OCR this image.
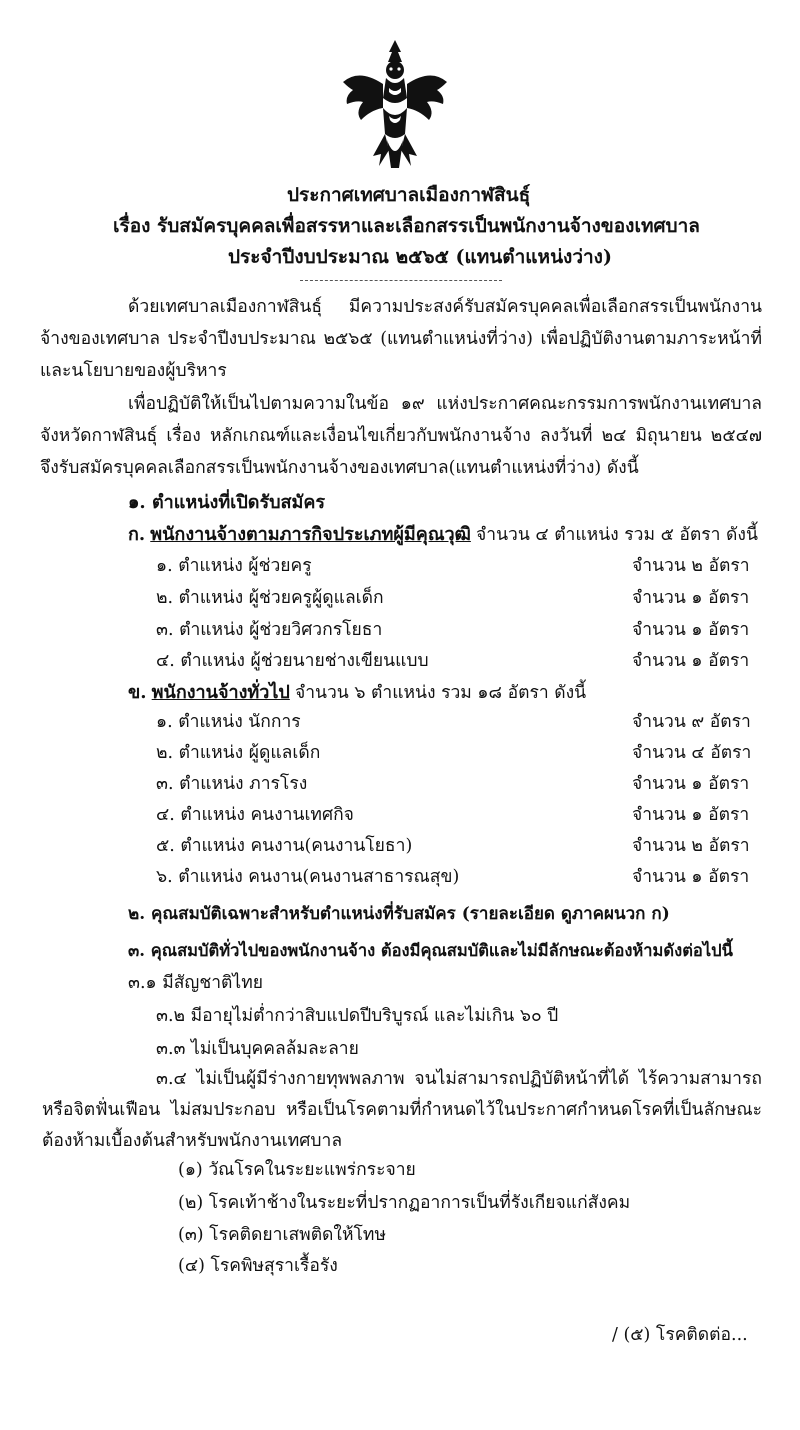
ประกาศเทศบาลเมืองกาฬสินธุ์
เรื่อง รับสมัครบุคคลเพื่อสรรหาและเลือกสรรเป็นพนักงานจ้างของเทศบาล
ประจำปีงบประมาณ ๒๕๖๕ (แทนตำแหน่งว่าง)
ด้วยเทศบาลเมืองกาฬสินธุ์ มีความประสงค์รับสมัครบุคคลเพื่อเลือกสรรเป็นพนักงานจ้างของเทศบาล ประจำปีงบประมาณ ๒๕๖๕ (แทนตำแหน่งที่ว่าง) เพื่อปฏิบัติงานตามภาระหน้าที่และนโยบายของผู้บริหาร
เพื่อปฏิบัติให้เป็นไปตามความในข้อ ๑๙ แห่งประกาศคณะกรรมการพนักงานเทศบาลจังหวัดกาฬสินธุ์ เรื่อง หลักเกณฑ์และเงื่อนไขเกี่ยวกับพนักงานจ้าง ลงวันที่ ๒๔ มิถุนายน ๒๕๔๗ จึงรับสมัครบุคคลเลือกสรรเป็นพนักงานจ้างของเทศบาล(แทนตำแหน่งที่ว่าง) ดังนี้
๑. ตำแหน่งที่เปิดรับสมัคร
ก. พนักงานจ้างตามภารกิจประเภทผู้มีคุณวุฒิ จำนวน ๔ ตำแหน่ง รวม ๕ อัตรา ดังนี้
๑. ตำแหน่ง ผู้ช่วยครู	จำนวน ๒ อัตรา
๒. ตำแหน่ง ผู้ช่วยครูผู้ดูแลเด็ก	จำนวน ๑ อัตรา
๓. ตำแหน่ง ผู้ช่วยวิศวกรโยธา	จำนวน ๑ อัตรา
๔. ตำแหน่ง ผู้ช่วยนายช่างเขียนแบบ	จำนวน ๑ อัตรา
ข. พนักงานจ้างทั่วไป จำนวน ๖ ตำแหน่ง รวม ๑๘ อัตรา ดังนี้
๑. ตำแหน่ง นักการ	จำนวน ๙ อัตรา
๒. ตำแหน่ง ผู้ดูแลเด็ก	จำนวน ๔ อัตรา
๓. ตำแหน่ง ภารโรง	จำนวน ๑ อัตรา
๔. ตำแหน่ง คนงานเทศกิจ	จำนวน ๑ อัตรา
๕. ตำแหน่ง คนงาน(คนงานโยธา)	จำนวน ๒ อัตรา
๖. ตำแหน่ง คนงาน(คนงานสาธารณสุข)	จำนวน ๑ อัตรา
๒. คุณสมบัติเฉพาะสำหรับตำแหน่งที่รับสมัคร (รายละเอียด ดูภาคผนวก ก)
๓. คุณสมบัติทั่วไปของพนักงานจ้าง ต้องมีคุณสมบัติและไม่มีลักษณะต้องห้ามดังต่อไปนี้
๓.๑ มีสัญชาติไทย
๓.๒ มีอายุไม่ต่ำกว่าสิบแปดปีบริบูรณ์ และไม่เกิน ๖๐ ปี
๓.๓ ไม่เป็นบุคคลล้มละลาย
๓.๔ ไม่เป็นผู้มีร่างกายทุพพลภาพ จนไม่สามารถปฏิบัติหน้าที่ได้ ไร้ความสามารถหรือจิตฟั่นเฟือน ไม่สมประกอบ หรือเป็นโรคตามที่กำหนดไว้ในประกาศกำหนดโรคที่เป็นลักษณะต้องห้ามเบื้องต้นสำหรับพนักงานเทศบาล
(๑) วัณโรคในระยะแพร่กระจาย
(๒) โรคเท้าช้างในระยะที่ปรากฏอาการเป็นที่รังเกียจแก่สังคม
(๓) โรคติดยาเสพติดให้โทษ
(๔) โรคพิษสุราเรื้อรัง
/ (๕) โรคติดต่อ...
